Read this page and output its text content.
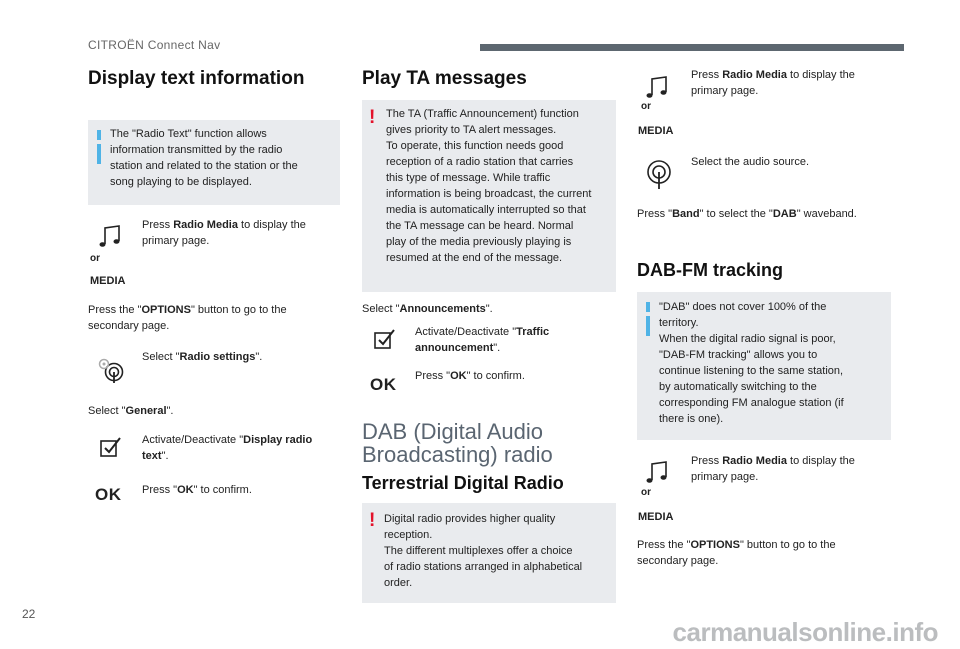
CITROËN Connect Nav
Display text information

The "Radio Text" function allows

information transmitted by the radio

station and related to the station or the

song playing to be displayed.

or
MEDIA
Press Radio Media to display the
primary page.
Press the "OPTIONS" button to go to the
secondary page.
Select "Radio settings".
Select "General".
Activate/Deactivate "Display radio
text".
OK Press "OK" to confirm.
Play TA messages
! The TA (Traffic Announcement) function

gives priority to TA alert messages.

To operate, this function needs good

reception of a radio station that carries

this type of message. While traffic

information is being broadcast, the current

media is automatically interrupted so that

the TA message can be heard. Normal

play of the media previously playing is

resumed at the end of the message.

Select "Announcements".
Activate/Deactivate "Traffic
announcement".
OK Press "OK" to confirm.
DAB (Digital Audio
Broadcasting) radio
Terrestrial Digital Radio
! Digital radio provides higher quality

reception.

The different multiplexes offer a choice

of radio stations arranged in alphabetical

order.

or
MEDIA
Press Radio Media to display the
primary page.
Select the audio source.
Press "Band" to select the "DAB" waveband.
DAB-FM tracking

"DAB" does not cover 100% of the

territory.

When the digital radio signal is poor,

"DAB-FM tracking" allows you to

continue listening to the same station,

by automatically switching to the

corresponding FM analogue station (if

there is one).

or
MEDIA
Press Radio Media to display the
primary page.
Press the "OPTIONS" button to go to the
secondary page.
22
carmanualsonline.info
